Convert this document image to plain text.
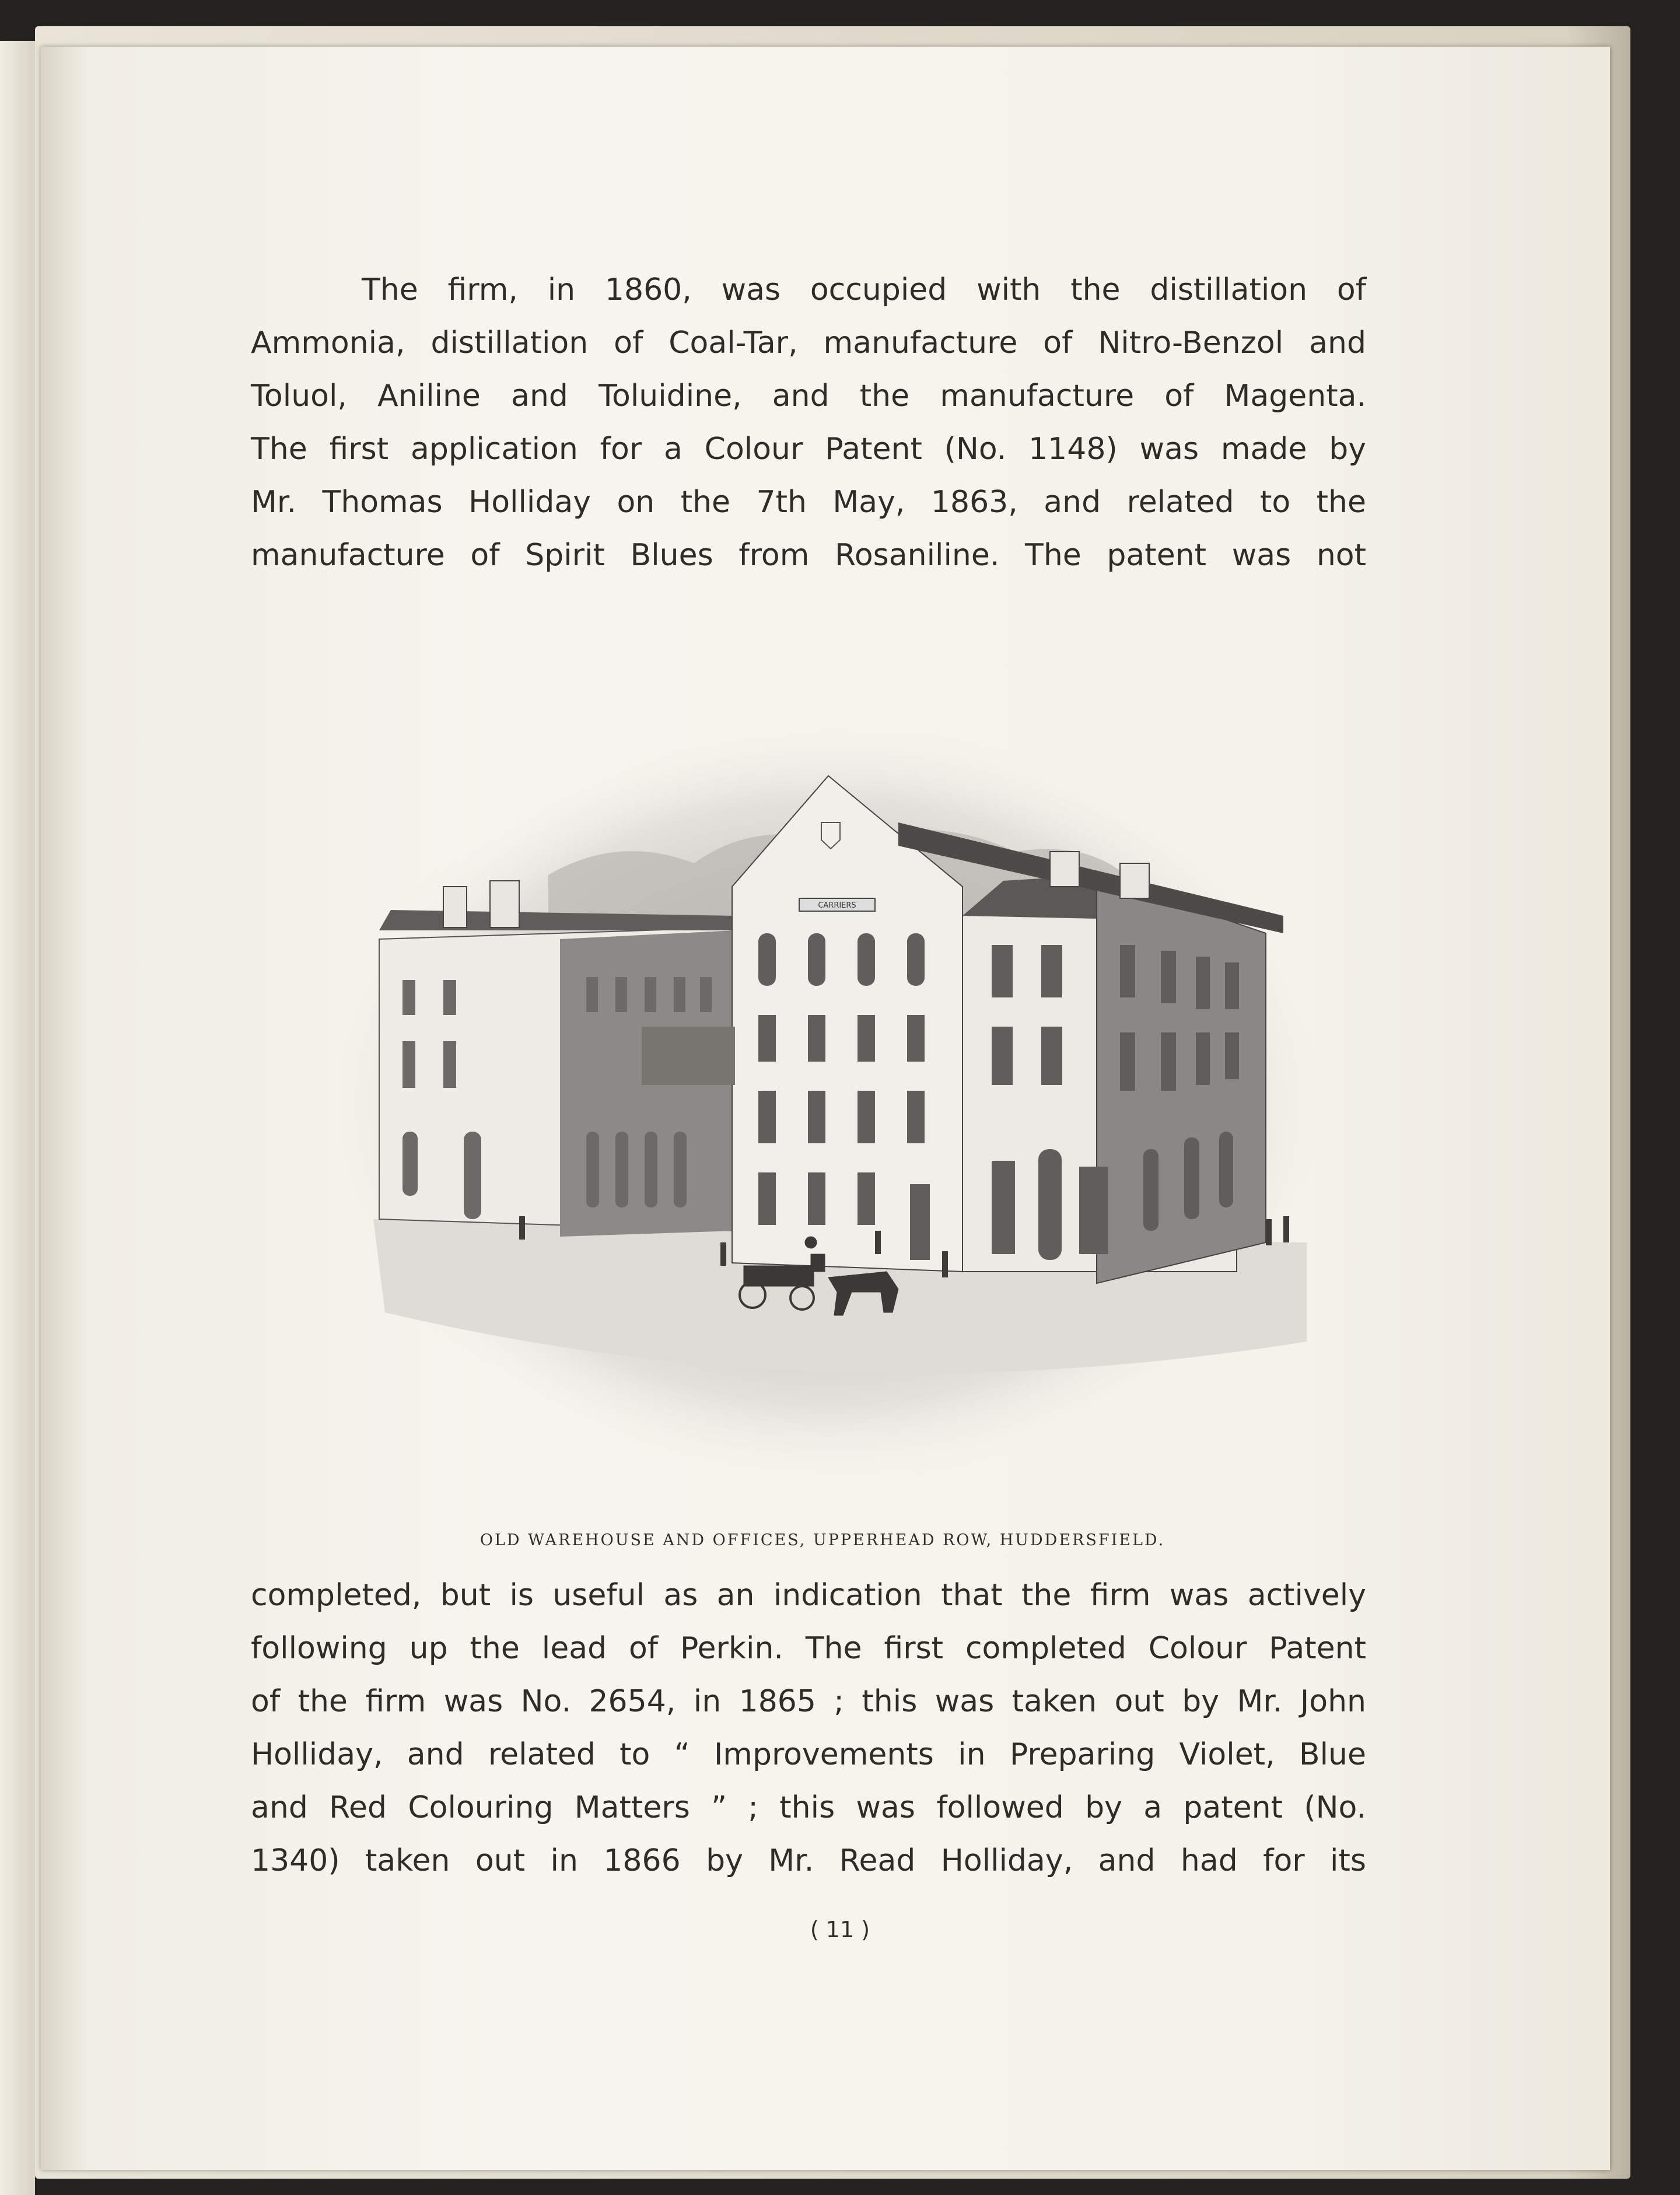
The firm, in 1860, was occupied with the distillation of
Ammonia, distillation of Coal-Tar, manufacture of Nitro-Benzol and
Toluol, Aniline and Toluidine, and the manufacture of Magenta.
The first application for a Colour Patent (No. 1148) was made by
Mr. Thomas Holliday on the 7th May, 1863, and related to the
manufacture of Spirit Blues from Rosaniline. The patent was not
CARRIERS
OLD WAREHOUSE AND OFFICES, UPPERHEAD ROW, HUDDERSFIELD.
completed, but is useful as an indication that the firm was actively
following up the lead of Perkin. The first completed Colour Patent
of the firm was No. 2654, in 1865 ; this was taken out by Mr. John
Holliday, and related to “ Improvements in Preparing Violet, Blue
and Red Colouring Matters ” ; this was followed by a patent (No.
1340) taken out in 1866 by Mr. Read Holliday, and had for its
( 11 )
